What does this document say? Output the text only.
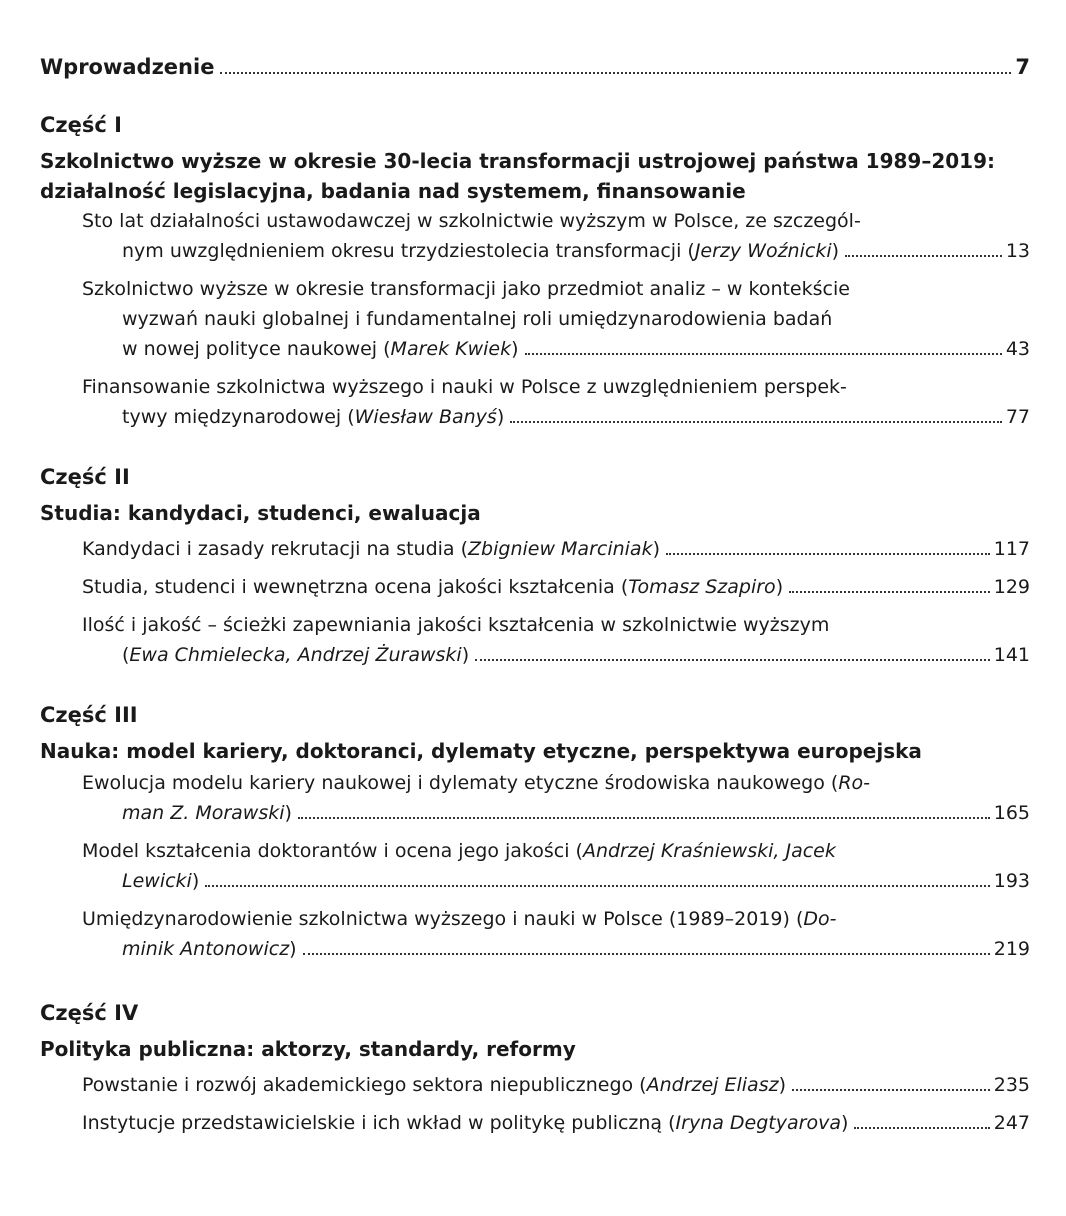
Wprowadzenie	7
Część I
Szkolnictwo wyższe w okresie 30-lecia transformacji ustrojowej państwa 1989–2019:
działalność legislacyjna, badania nad systemem, finansowanie
Sto lat działalności ustawodawczej w szkolnictwie wyższym w Polsce, ze szczegól-
nym uwzględnieniem okresu trzydziestolecia transformacji (Jerzy Woźnicki)	13
Szkolnictwo wyższe w okresie transformacji jako przedmiot analiz – w kontekście
wyzwań nauki globalnej i fundamentalnej roli umiędzynarodowienia badań
w nowej polityce naukowej (Marek Kwiek)	43
Finansowanie szkolnictwa wyższego i nauki w Polsce z uwzględnieniem perspek-
tywy międzynarodowej (Wiesław Banyś)	77
Część II
Studia: kandydaci, studenci, ewaluacja
Kandydaci i zasady rekrutacji na studia (Zbigniew Marciniak)	117
Studia, studenci i wewnętrzna ocena jakości kształcenia (Tomasz Szapiro)	129
Ilość i jakość – ścieżki zapewniania jakości kształcenia w szkolnictwie wyższym
(Ewa Chmielecka, Andrzej Żurawski)	141
Część III
Nauka: model kariery, doktoranci, dylematy etyczne, perspektywa europejska
Ewolucja modelu kariery naukowej i dylematy etyczne środowiska naukowego (Ro-
man Z. Morawski)	165
Model kształcenia doktorantów i ocena jego jakości (Andrzej Kraśniewski, Jacek
Lewicki)	193
Umiędzynarodowienie szkolnictwa wyższego i nauki w Polsce (1989–2019) (Do-
minik Antonowicz)	219
Część IV
Polityka publiczna: aktorzy, standardy, reformy
Powstanie i rozwój akademickiego sektora niepublicznego (Andrzej Eliasz)	235
Instytucje przedstawicielskie i ich wkład w politykę publiczną (Iryna Degtyarova)	247
